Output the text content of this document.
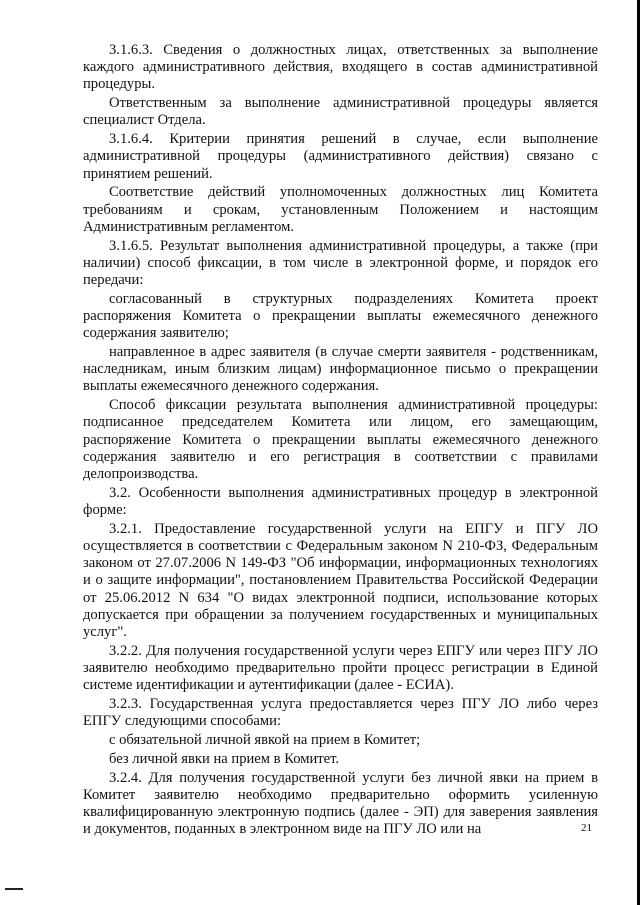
3.1.6.3. Сведения о должностных лицах, ответственных за выполнение каждого административного действия, входящего в состав административной процедуры.

Ответственным за выполнение административной процедуры является специалист Отдела.

3.1.6.4. Критерии принятия решений в случае, если выполнение административной процедуры (административного действия) связано с принятием решений.

Соответствие действий уполномоченных должностных лиц Комитета требованиям и срокам, установленным Положением и настоящим Административным регламентом.

3.1.6.5. Результат выполнения административной процедуры, а также (при наличии) способ фиксации, в том числе в электронной форме, и порядок его передачи:

согласованный в структурных подразделениях Комитета проект распоряжения Комитета о прекращении выплаты ежемесячного денежного содержания заявителю;

направленное в адрес заявителя (в случае смерти заявителя - родственникам, наследникам, иным близким лицам) информационное письмо о прекращении выплаты ежемесячного денежного содержания.

Способ фиксации результата выполнения административной процедуры: подписанное председателем Комитета или лицом, его замещающим, распоряжение Комитета о прекращении выплаты ежемесячного денежного содержания заявителю и его регистрация в соответствии с правилами делопроизводства.

3.2. Особенности выполнения административных процедур в электронной форме:

3.2.1. Предоставление государственной услуги на ЕПГУ и ПГУ ЛО осуществляется в соответствии с Федеральным законом N 210-ФЗ, Федеральным законом от 27.07.2006 N 149-ФЗ "Об информации, информационных технологиях и о защите информации", постановлением Правительства Российской Федерации от 25.06.2012 N 634 "О видах электронной подписи, использование которых допускается при обращении за получением государственных и муниципальных услуг".

3.2.2. Для получения государственной услуги через ЕПГУ или через ПГУ ЛО заявителю необходимо предварительно пройти процесс регистрации в Единой системе идентификации и аутентификации (далее - ЕСИА).

3.2.3. Государственная услуга предоставляется через ПГУ ЛО либо через ЕПГУ следующими способами:

с обязательной личной явкой на прием в Комитет;

без личной явки на прием в Комитет.

3.2.4. Для получения государственной услуги без личной явки на прием в Комитет заявителю необходимо предварительно оформить усиленную квалифицированную электронную подпись (далее - ЭП) для заверения заявления и документов, поданных в электронном виде на ПГУ ЛО или на	21
